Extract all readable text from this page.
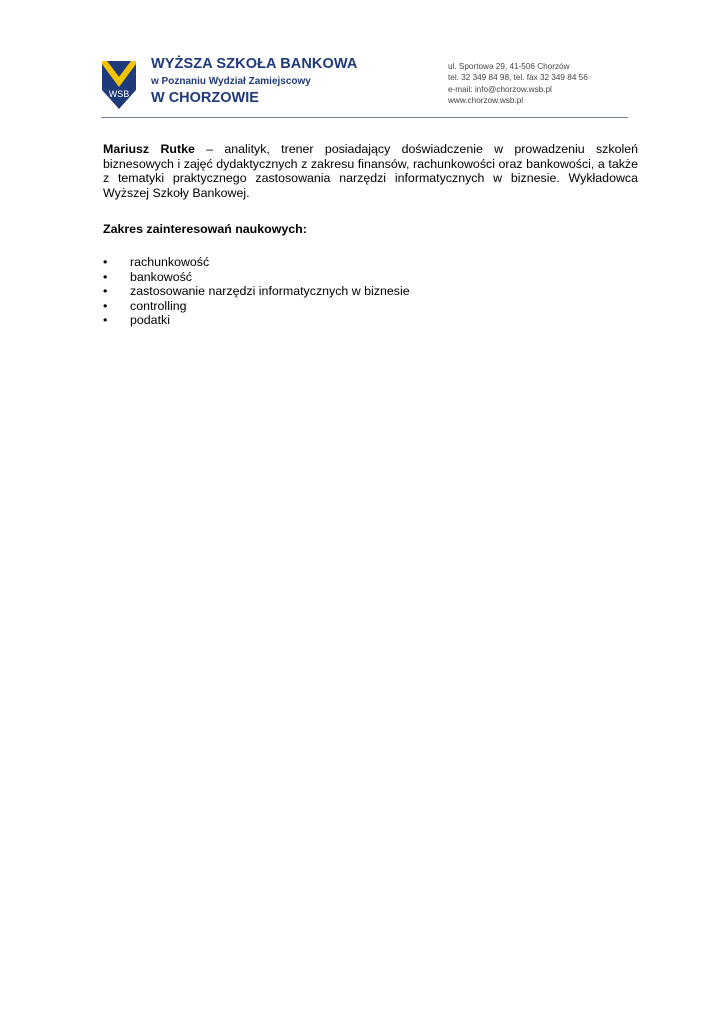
WSB
WYŻSZA SZKOŁA BANKOWA
w Poznaniu Wydział Zamiejscowy
W CHORZOWIE
ul. Sportowa 29, 41-506 Chorzów
tel. 32 349 84 98, tel. fax 32 349 84 56
e-mail: info@chorzow.wsb.pl
www.chorzow.wsb.pl

Mariusz Rutke – analityk, trener posiadający doświadczenie w prowadzeniu szkoleń biznesowych i zajęć dydaktycznych z zakresu finansów, rachunkowości oraz bankowości, a także z tematyki praktycznego zastosowania narzędzi informatycznych w biznesie. Wykładowca Wyższej Szkoły Bankowej.

Zakres zainteresowań naukowych:
• rachunkowość
• bankowość
• zastosowanie narzędzi informatycznych w biznesie
• controlling
• podatki
